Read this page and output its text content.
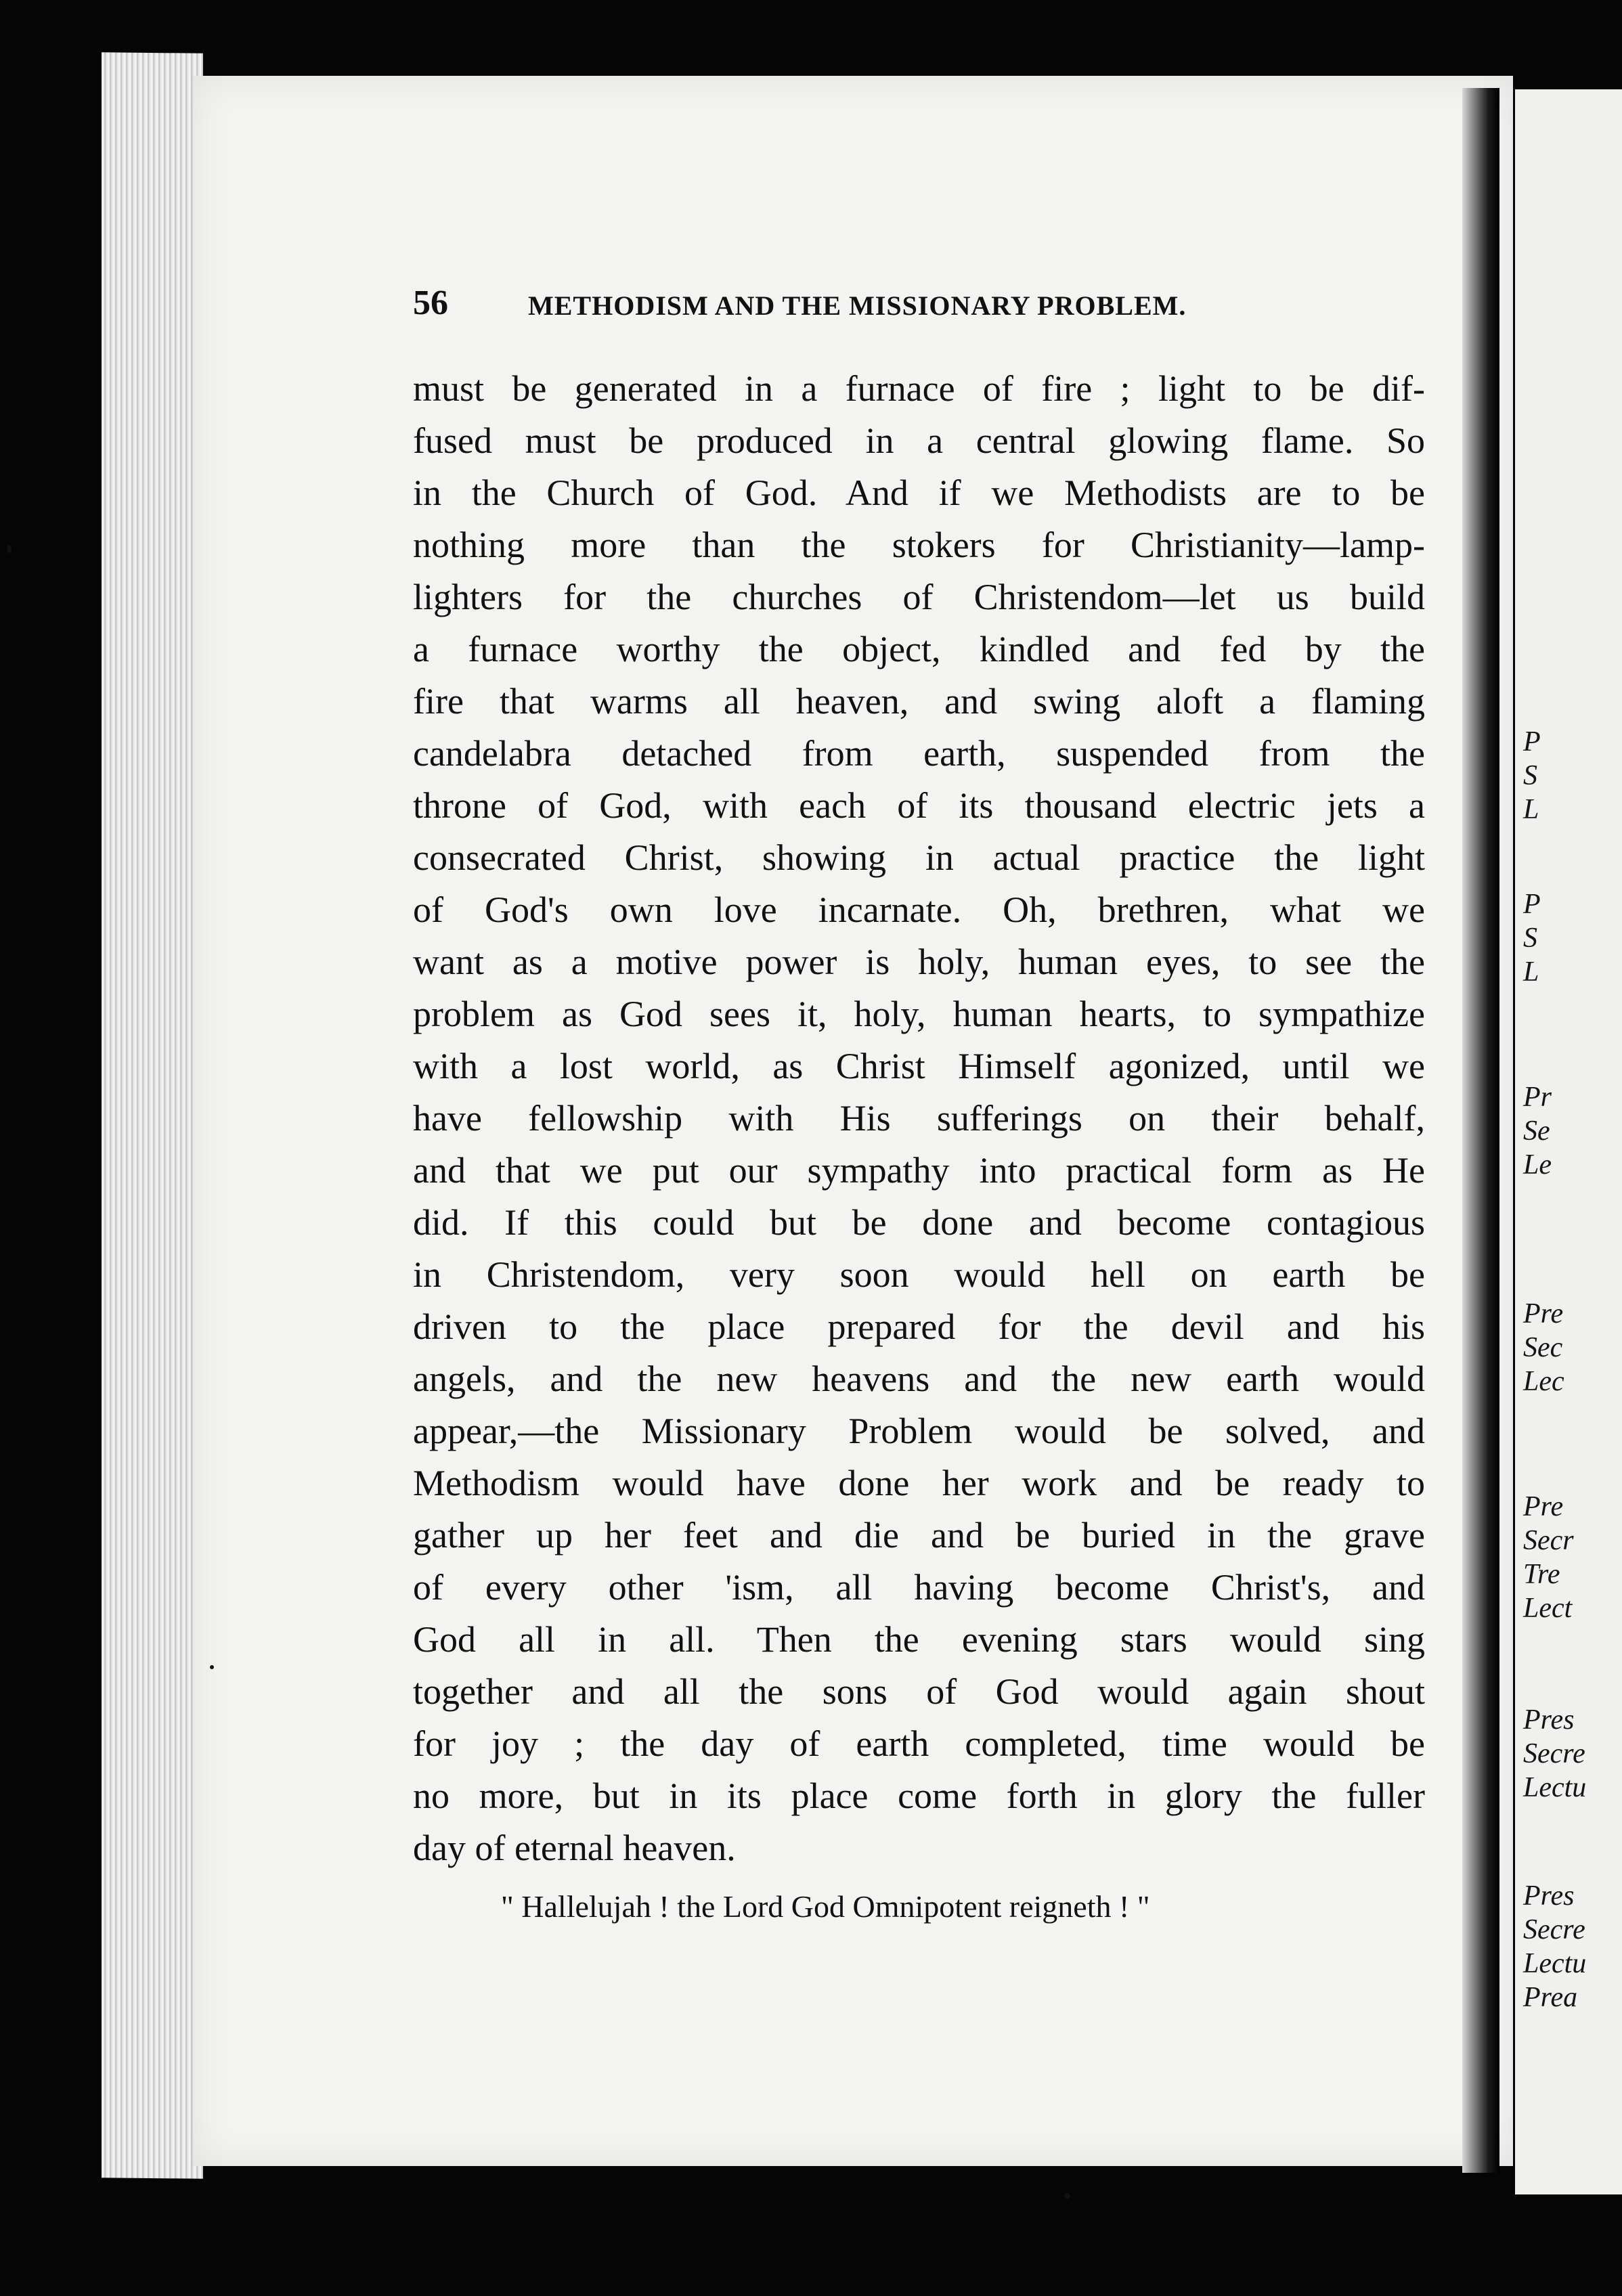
P
S
L
P
S
L
Pr
Se
Le
Pre
Sec
Lec
Pre
Secr
Tre
Lect
Pres
Secre
Lectu
Pres
Secre
Lectu
Prea
56	METHODISM AND THE MISSIONARY PROBLEM.
must be generated in a furnace of fire ; light to be dif-
fused must be produced in a central glowing flame. So
in the Church of God. And if we Methodists are to be
nothing more than the stokers for Christianity—lamp-
lighters for the churches of Christendom—let us build
a furnace worthy the object, kindled and fed by the
fire that warms all heaven, and swing aloft a flaming
candelabra detached from earth, suspended from the
throne of God, with each of its thousand electric jets a
consecrated Christ, showing in actual practice the light
of God's own love incarnate. Oh, brethren, what we
want as a motive power is holy, human eyes, to see the
problem as God sees it, holy, human hearts, to sympathize
with a lost world, as Christ Himself agonized, until we
have fellowship with His sufferings on their behalf,
and that we put our sympathy into practical form as He
did. If this could but be done and become contagious
in Christendom, very soon would hell on earth be
driven to the place prepared for the devil and his
angels, and the new heavens and the new earth would
appear,—the Missionary Problem would be solved, and
Methodism would have done her work and be ready to
gather up her feet and die and be buried in the grave
of every other 'ism, all having become Christ's, and
God all in all. Then the evening stars would sing
together and all the sons of God would again shout
for joy ; the day of earth completed, time would be
no more, but in its place come forth in glory the fuller
day of eternal heaven.
" Hallelujah ! the Lord God Omnipotent reigneth ! "
